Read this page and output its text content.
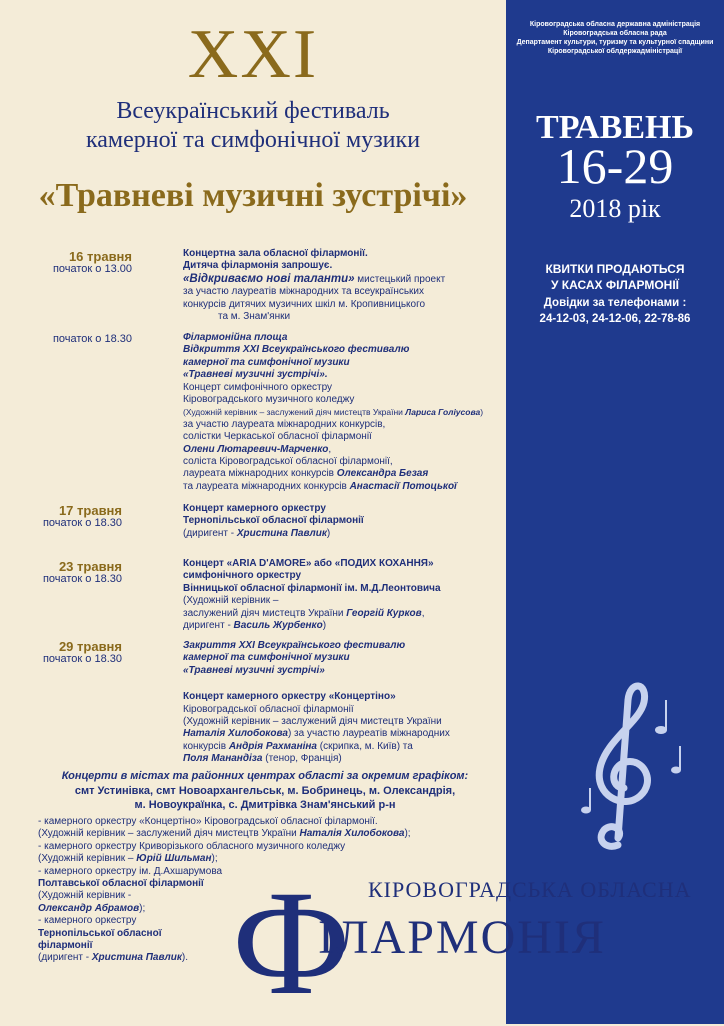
XXI
Всеукраїнський фестиваль
камерної та симфонічної музики
«Травневі музичні зустрічі»
16 травня
початок о 13.00
Концертна зала обласної філармонії.
Дитяча філармонія запрошує.
«Відкриваємо нові таланти» мистецький проект
за участю лауреатів міжнародних та всеукраїнських
конкурсів дитячих музичних шкіл м. Кропивницького
та м. Знам'янки
початок о 18.30	Філармонійна площа
Відкриття XXI Всеукраїнського фестивалю
камерної та симфонічної музики
«Травневі музичні зустрічі».
Концерт симфонічного оркестру
Кіровоградського музичного коледжу
(Художній керівник – заслужений діяч мистецтв України Лариса Голіусова)
за участю лауреата міжнародних конкурсів,
солістки Черкаської обласної філармонії
Олени Лютаревич-Марченко,
соліста Кіровоградської обласної філармонії,
лауреата міжнародних конкурсів Олександра Безая
та лауреата міжнародних конкурсів Анастасії Потоцької
17 травня
початок о 18.30
Концерт камерного оркестру
Тернопільської обласної філармонії
(диригент - Христина Павлик)
23 травня
початок о 18.30
Концерт «ARIA D'AMORE» або «ПОДИХ КОХАННЯ»
симфонічного оркестру
Вінницької обласної філармонії ім. М.Д.Леонтовича
(Художній керівник –
заслужений діяч мистецтв України Георгій Курков,
диригент - Василь Журбенко)
29 травня
початок о 18.30
Закриття XXI Всеукраїнського фестивалю
камерної та симфонічної музики
«Травневі музичні зустрічі»
Концерт камерного оркестру «Концертіно»
Кіровоградської обласної філармонії
(Художній керівник – заслужений діяч мистецтв України
Наталія Хилобокова) за участю лауреатів міжнародних
конкурсів Андрія Рахманіна (скрипка, м. Київ) та
Поля Манандіза (тенор, Франція)
Концерти в містах та районних центрах області за окремим графіком:
смт Устинівка, смт Новоархангельськ, м. Бобринець, м. Олександрія,
м. Новоукраїнка, с. Дмитрівка Знам'янський р-н
- камерного оркестру «Концертіно» Кіровоградської обласної філармонії.
(Художній керівник – заслужений діяч мистецтв України Наталія Хилобокова);
- камерного оркестру Криворізького обласного музичного коледжу
(Художній керівник – Юрій Шильман);
- камерного оркестру ім. Д.Ахшарумова
Полтавської обласної філармонії
(Художній керівник -
Олександр Абрамов);
- камерного оркестру
Тернопільської обласної
філармонії
(диригент - Христина Павлик).
Кіровоградська обласна державна адміністрація
Кіровоградська обласна рада
Департамент культури, туризму та культурної спадщини
Кіровоградської облдержадміністрації
ТРАВЕНЬ
16-29
2018 рік
КВИТКИ ПРОДАЮТЬСЯ
У КАСАХ ФІЛАРМОНІЇ
Довідки за телефонами :
24-12-03, 24-12-06, 22-78-86
Ф КІРОВОГРАДСЬКА ОБЛАСНА
ІЛАРМОНІЯ
